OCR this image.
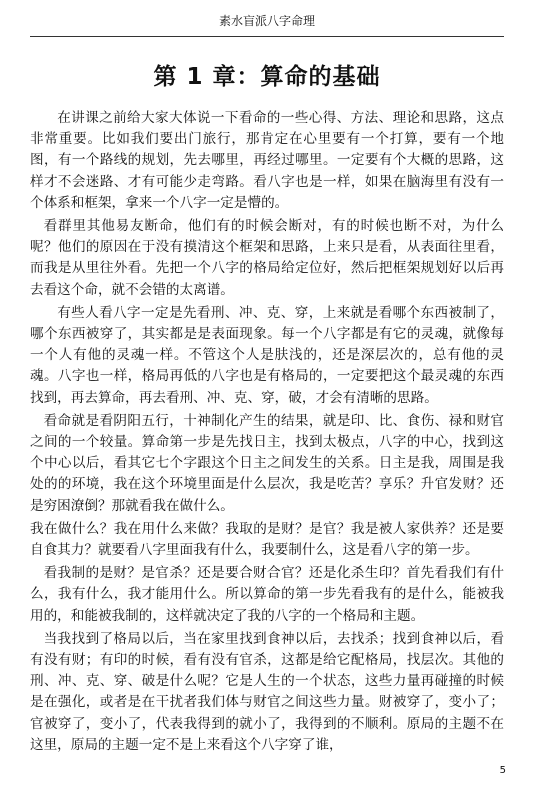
素水盲派八字命理
第 1 章：算命的基础

在讲课之前给大家大体说一下看命的一些心得、方法、理论和思路，这点非常重要。比如我们要出门旅行，那肯定在心里要有一个打算，要有一个地图，有一个路线的规划，先去哪里，再经过哪里。一定要有个大概的思路，这样才不会迷路、才有可能少走弯路。看八字也是一样，如果在脑海里有没有一个体系和框架，拿来一个八字一定是懵的。

看群里其他易友断命，他们有的时候会断对，有的时候也断不对，为什么呢？他们的原因在于没有摸清这个框架和思路，上来只是看，从表面往里看，而我是从里往外看。先把一个八字的格局给定位好，然后把框架规划好以后再去看这个命，就不会错的太离谱。

有些人看八字一定是先看刑、冲、克、穿，上来就是看哪个东西被制了，哪个东西被穿了，其实都是是表面现象。每一个八字都是有它的灵魂，就像每一个人有他的灵魂一样。不管这个人是肤浅的，还是深层次的，总有他的灵魂。八字也一样，格局再低的八字也是有格局的，一定要把这个最灵魂的东西找到，再去算命，再去看刑、冲、克、穿，破，才会有清晰的思路。

看命就是看阴阳五行，十神制化产生的结果，就是印、比、食伤、禄和财官之间的一个较量。算命第一步是先找日主，找到太极点，八字的中心，找到这个中心以后，看其它七个字跟这个日主之间发生的关系。日主是我，周围是我处的的环境，我在这个环境里面是什么层次，我是吃苦？享乐？升官发财？还是穷困潦倒？那就看我在做什么。

我在做什么？我在用什么来做？我取的是财？是官？我是被人家供养？还是要自食其力？就要看八字里面我有什么，我要制什么，这是看八字的第一步。

看我制的是财？是官杀？还是要合财合官？还是化杀生印？首先看我们有什么，我有什么，我才能用什么。所以算命的第一步先看我有的是什么，能被我用的，和能被我制的，这样就决定了我的八字的一个格局和主题。

当我找到了格局以后，当在家里找到食神以后，去找杀；找到食神以后，看有没有财；有印的时候，看有没有官杀，这都是给它配格局，找层次。其他的刑、冲、克、穿、破是什么呢？它是人生的一个状态，这些力量再碰撞的时候是在强化，或者是在干扰者我们体与财官之间这些力量。财被穿了，变小了；官被穿了，变小了，代表我得到的就小了，我得到的不顺利。原局的主题不在这里，原局的主题一定不是上来看这个八字穿了谁，

5
